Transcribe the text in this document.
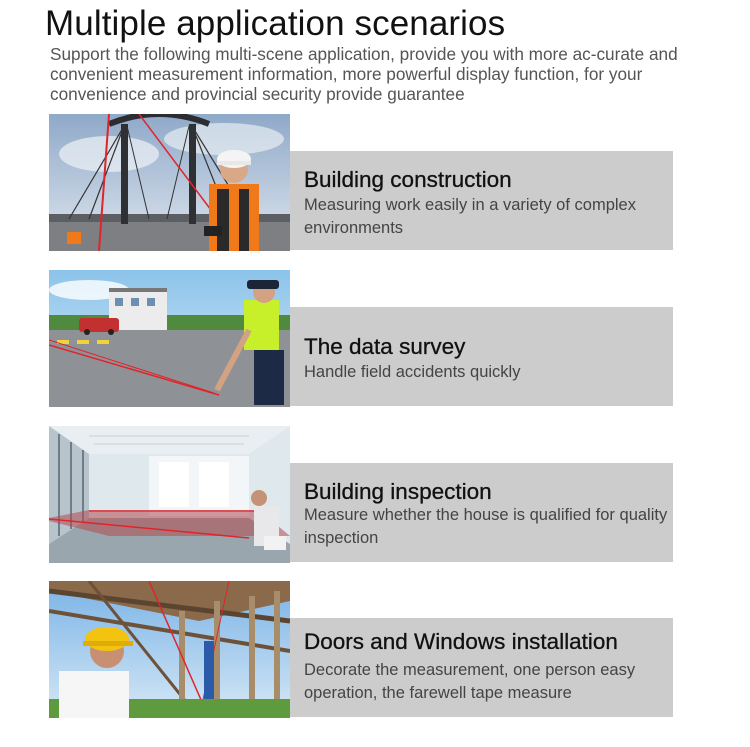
Multiple application scenarios
Support the following multi-scene application, provide you with more ac-curate and convenient measurement information, more powerful display function, for your convenience and provincial security provide guarantee
Building construction
Measuring work easily in a variety of complex environments
The data survey
Handle field accidents quickly
Building inspection
Measure whether the house is qualified for quality inspection
Doors and Windows installation
Decorate the measurement, one person easy operation, the farewell tape measure
